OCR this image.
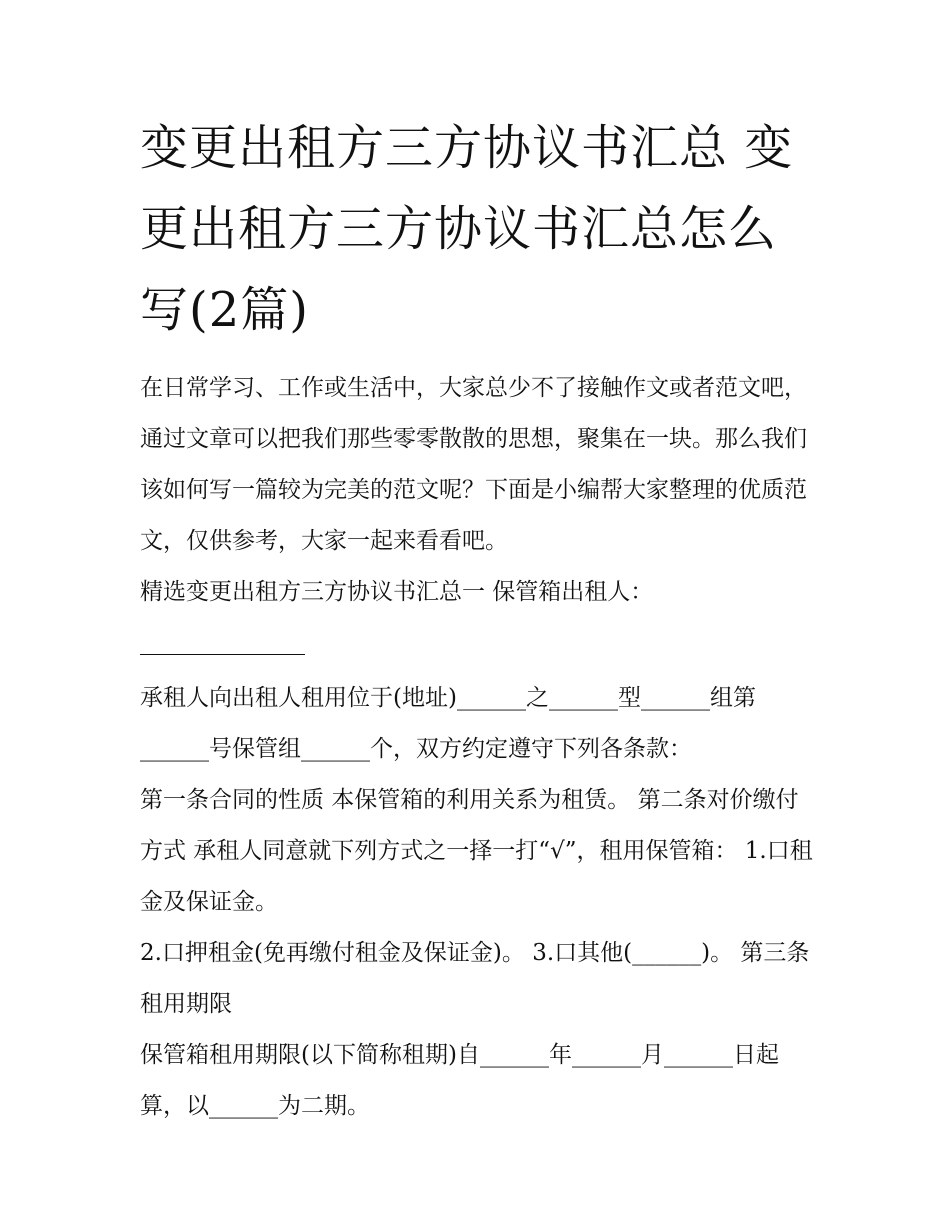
变更出租方三方协议书汇总 变更出租方三方协议书汇总怎么写(2篇)

在日常学习、工作或生活中，大家总少不了接触作文或者范文吧，通过文章可以把我们那些零零散散的思想，聚集在一块。那么我们该如何写一篇较为完美的范文呢？下面是小编帮大家整理的优质范文，仅供参考，大家一起来看看吧。

精选变更出租方三方协议书汇总一 保管箱出租人：

承租人向出租人租用位于(地址)______之______型______组第______号保管组______个，双方约定遵守下列各条款：

第一条合同的性质 本保管箱的利用关系为租赁。 第二条对价缴付方式 承租人同意就下列方式之一择一打“√”，租用保管箱： 1.口租金及保证金。

2.口押租金(免再缴付租金及保证金)。 3.口其他(______)。 第三条租用期限

保管箱租用期限(以下简称租期)自______年______月______日起算，以______为二期。
